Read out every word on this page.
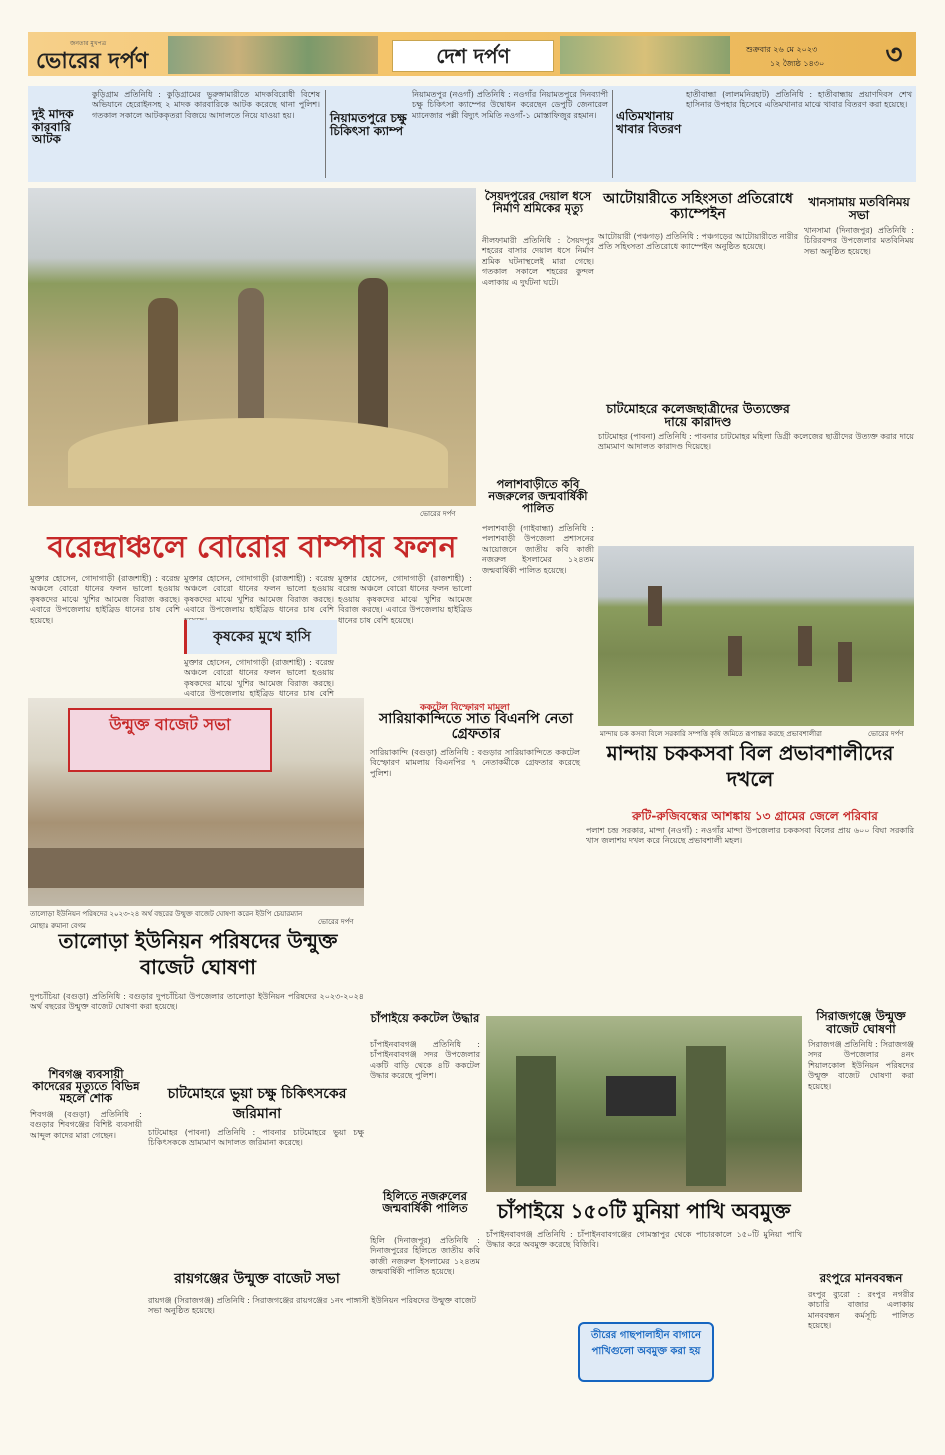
জনতার মুখপত্র
ভোরের দর্পণ	দেশ দর্পণ	শুক্রবার ২৬ মে ২০২৩
১২ জ্যৈষ্ঠ ১৪৩০	৩
দুই মাদক কারবারি আটক
কুড়িগ্রাম প্রতিনিধি : কুড়িগ্রামের ভুরুঙ্গামারীতে মাদকবিরোধী বিশেষ অভিযানে হেরোইনসহ ২ মাদক কারবারিকে আটক করেছে থানা পুলিশ। গতকাল সকালে আটককৃতরা বিজয়ে আদালতে নিয়ে যাওয়া হয়।	নিয়ামতপুরে চক্ষু চিকিৎসা ক্যাম্প
নিয়ামতপুর (নওগাঁ) প্রতিনিধি : নওগাঁর নিয়ামতপুরে দিনব্যাপী চক্ষু চিকিৎসা ক্যাম্পের উদ্বোধন করেছেন ডেপুটি জেনারেল ম্যানেজার পল্লী বিদ্যুৎ সমিতি নওগাঁ-১ মোস্তাফিজুর রহমান।	এতিমখানায় খাবার বিতরণ
হাতীবান্ধা (লালমনিরহাট) প্রতিনিধি : হাতীবান্ধায় প্রয়াণদিবস শেখ হাসিনার উপহার হিসেবে এতিমখানার মাঝে খাবার বিতরণ করা হয়েছে।
ভোরের দর্পণ
বরেন্দ্রাঞ্চলে বোরোর বাম্পার ফলন
মুক্তার হোসেন, গোদাগাড়ী (রাজশাহী) : বরেন্দ্র অঞ্চলে বোরো ধানের ফলন ভালো হওয়ায় কৃষকদের মাঝে খুশির আমেজ বিরাজ করছে। এবারে উপজেলায় হাইব্রিড ধানের চাষ বেশি হয়েছে।
মুক্তার হোসেন, গোদাগাড়ী (রাজশাহী) : বরেন্দ্র অঞ্চলে বোরো ধানের ফলন ভালো হওয়ায় কৃষকদের মাঝে খুশির আমেজ বিরাজ করছে। এবারে উপজেলায় হাইব্রিড ধানের চাষ বেশি
কৃষকের মুখে হাসি
মুক্তার হোসেন, গোদাগাড়ী (রাজশাহী) : বরেন্দ্র অঞ্চলে বোরো ধানের ফলন ভালো হওয়ায় কৃষকদের মাঝে খুশির আমেজ বিরাজ করছে। এবারে উপজেলায় হাইব্রিড ধানের চাষ বেশি
মুক্তার হোসেন, গোদাগাড়ী (রাজশাহী) : বরেন্দ্র অঞ্চলে বোরো ধানের ফলন ভালো হওয়ায় কৃষকদের মাঝে খুশির আমেজ বিরাজ করছে। এবারে উপজেলায় হাইব্রিড ধানের চাষ বেশি হয়েছে।
সৈয়দপুরের দেয়াল ধসে নির্মাণ শ্রমিকের মৃত্যু
নীলফামারী প্রতিনিধি : সৈয়দপুর শহরের বাসার দেয়াল ধসে নির্মাণ শ্রমিক ঘটনাস্থলেই মারা গেছে। গতকাল সকালে শহরের কুন্দল এলাকায় এ দুর্ঘটনা ঘটে।
পলাশবাড়ীতে কবি নজরুলের জন্মবার্ষিকী পালিত
পলাশবাড়ী (গাইবান্ধা) প্রতিনিধি : পলাশবাড়ী উপজেলা প্রশাসনের আয়োজনে জাতীয় কবি কাজী নজরুল ইসলামের ১২৪তম জন্মবার্ষিকী পালিত হয়েছে।
আটোয়ারীতে সহিংসতা প্রতিরোধে ক্যাম্পেইন
আটোয়ারী (পঞ্চগড়) প্রতিনিধি : পঞ্চগড়ের আটোয়ারীতে নারীর প্রতি সহিংসতা প্রতিরোধে ক্যাম্পেইন অনুষ্ঠিত হয়েছে।
চাটমোহরে কলেজছাত্রীদের উত্যক্তের দায়ে কারাদণ্ড
চাটমোহর (পাবনা) প্রতিনিধি : পাবনার চাটমোহর মহিলা ডিগ্রী কলেজের ছাত্রীদের উত্যক্ত করার দায়ে ভ্রাম্যমাণ আদালত কারাদণ্ড দিয়েছে।
খানসামায় মতবিনিময় সভা
খানসামা (দিনাজপুর) প্রতিনিধি : চিরিরবন্দর উপজেলার মতবিনিময় সভা অনুষ্ঠিত হয়েছে।
মান্দায় চক কসবা বিলে সরকারি সম্পত্তি কৃষি জমিতে রূপান্তর করছে প্রভাবশালীরা	ভোরের দর্পণ
উন্মুক্ত বাজেট সভা
তালোড়া ইউনিয়ন পরিষদের ২০২৩-২৪ অর্থ বছরের উন্মুক্ত বাজেট ঘোষণা করেন ইউপি চেয়ারম্যান মোছাঃ রুমানা বেগম	ভোরের দর্পণ
তালোড়া ইউনিয়ন পরিষদের উন্মুক্ত বাজেট ঘোষণা
দুপচাঁচিয়া (বগুড়া) প্রতিনিধি : বগুড়ার দুপচাঁচিয়া উপজেলার তালোড়া ইউনিয়ন পরিষদের ২০২৩-২০২৪ অর্থ বছরের উন্মুক্ত বাজেট ঘোষণা করা হয়েছে।
ককটেল বিস্ফোরণ মামলা
সারিয়াকান্দিতে সাত বিএনপি নেতা গ্রেফতার
সারিয়াকান্দি (বগুড়া) প্রতিনিধি : বগুড়ার সারিয়াকান্দিতে ককটেল বিস্ফোরণ মামলায় বিএনপির ৭ নেতাকর্মীকে গ্রেফতার করেছে পুলিশ।
মান্দায় চককসবা বিল প্রভাবশালীদের দখলে
রুটি-রুজিবন্ধের আশঙ্কায় ১৩ গ্রামের জেলে পরিবার
পলাশ চন্দ্র সরকার, মান্দা (নওগাঁ) : নওগাঁর মান্দা উপজেলার চককসবা বিলের প্রায় ৬০০ বিঘা সরকারি খাস জলাশয় দখল করে নিয়েছে প্রভাবশালী মহল।
শিবগঞ্জ ব্যবসায়ী কাদেরের মৃত্যুতে বিভিন্ন মহলে শোক
শিবগঞ্জ (বগুড়া) প্রতিনিধি : বগুড়ার শিবগঞ্জের বিশিষ্ট ব্যবসায়ী আব্দুল কাদের মারা গেছেন।
চাটমোহরে ভুয়া চক্ষু চিকিৎসকের জরিমানা
চাটমোহর (পাবনা) প্রতিনিধি : পাবনার চাটমোহরে ভুয়া চক্ষু চিকিৎসককে ভ্রাম্যমাণ আদালত জরিমানা করেছে।
রায়গঞ্জের উন্মুক্ত বাজেট সভা
রায়গঞ্জ (সিরাজগঞ্জ) প্রতিনিধি : সিরাজগঞ্জের রায়গঞ্জের ১নং পাঙ্গাসী ইউনিয়ন পরিষদের উন্মুক্ত বাজেট সভা অনুষ্ঠিত হয়েছে।
চাঁপাইয়ে ককটেল উদ্ধার
চাঁপাইনবাবগঞ্জ প্রতিনিধি : চাঁপাইনবাবগঞ্জ সদর উপজেলার একটি বাড়ি থেকে ৪টি ককটেল উদ্ধার করেছে পুলিশ।
হিলিতে নজরুলের জন্মবার্ষিকী পালিত
হিলি (দিনাজপুর) প্রতিনিধি : দিনাজপুরের হিলিতে জাতীয় কবি কাজী নজরুল ইসলামের ১২৪তম জন্মবার্ষিকী পালিত হয়েছে।
চাঁপাইয়ে ১৫০টি মুনিয়া পাখি অবমুক্ত
চাঁপাইনবাবগঞ্জ প্রতিনিধি : চাঁপাইনবাবগঞ্জের গোমস্তাপুর থেকে পাচারকালে ১৫০টি মুনিয়া পাখি উদ্ধার করে অবমুক্ত করেছে বিজিবি।
তীরের গাছপালাহীন বাগানে পাখিগুলো অবমুক্ত করা হয়
সিরাজগঞ্জে উন্মুক্ত বাজেট ঘোষণা
সিরাজগঞ্জ প্রতিনিধি : সিরাজগঞ্জ সদর উপজেলার ৪নং শিয়ালকোল ইউনিয়ন পরিষদের উন্মুক্ত বাজেট ঘোষণা করা হয়েছে।
রংপুরে মানববন্ধন
রংপুর ব্যুরো : রংপুর নগরীর কাচারি বাজার এলাকায় মানববন্ধন কর্মসূচি পালিত হয়েছে।
